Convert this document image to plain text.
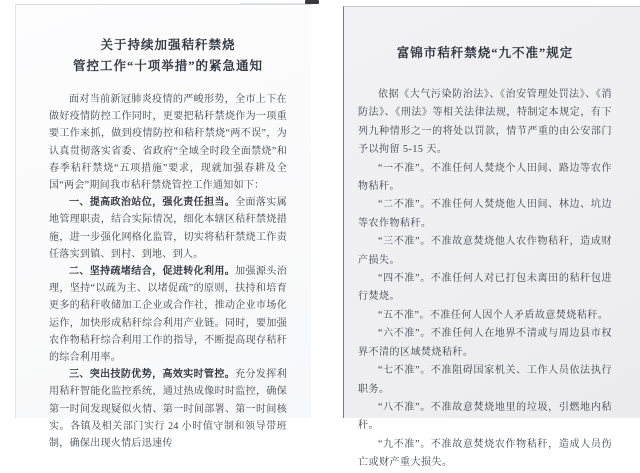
关于持续加强秸秆禁烧
管控工作“十项举措”的紧急通知

面对当前新冠肺炎疫情的严峻形势，全市上下在做好疫情防控工作同时，更要把秸秆禁烧作为一项重要工作来抓，做到疫情防控和秸秆禁烧“两不误”，为认真贯彻落实省委、省政府“全域全时段全面禁烧”和春季秸秆禁烧“五项措施”要求，现就加强春耕及全国“两会”期间我市秸秆禁烧管控工作通知如下：

一、提高政治站位，强化责任担当。全面落实属地管理职责，结合实际情况，细化本辖区秸秆禁烧措施，进一步强化网格化监管，切实将秸秆禁烧工作责任落实到镇、到村、到地、到人。

二、坚持疏堵结合，促进转化利用。加强源头治理，坚持“以疏为主、以堵促疏”的原则，扶持和培育更多的秸秆收储加工企业或合作社，推动企业市场化运作，加快形成秸秆综合利用产业链。同时，要加强农作物秸秆综合利用工作的指导，不断提高现存秸秆的综合利用率。

三、突出技防优势，高效实时管控。充分发挥利用秸秆智能化监控系统，通过热成像时时监控，确保第一时间发现疑似火情、第一时间部署、第一时间核实。各镇及相关部门实行 24 小时值守制和领导带班制，确保出现火情后迅速传

富锦市秸秆禁烧“九不准”规定

依据《大气污染防治法》、《治安管理处罚法》、《消防法》、《刑法》等相关法律法规，特制定本规定，有下列九种情形之一的将处以罚款，情节严重的由公安部门予以拘留 5-15 天。

“一不准”。不准任何人焚烧个人田间、路边等农作物秸秆。

“二不准”。不准任何人焚烧他人田间、林边、坑边等农作物秸秆。

“三不准”。不准故意焚烧他人农作物秸秆，造成财产损失。

“四不准”。不准任何人对已打包未离田的秸秆包进行焚烧。

“五不准”。不准任何人因个人矛盾故意焚烧秸秆。

“六不准”。不准任何人在地界不清或与周边县市权界不清的区域焚烧秸秆。

“七不准”。不准阻碍国家机关、工作人员依法执行职务。

“八不准”。不准故意焚烧地里的垃圾，引燃地内秸秆。

“九不准”。不准故意焚烧农作物秸秆，造成人员伤亡或财产重大损失。
